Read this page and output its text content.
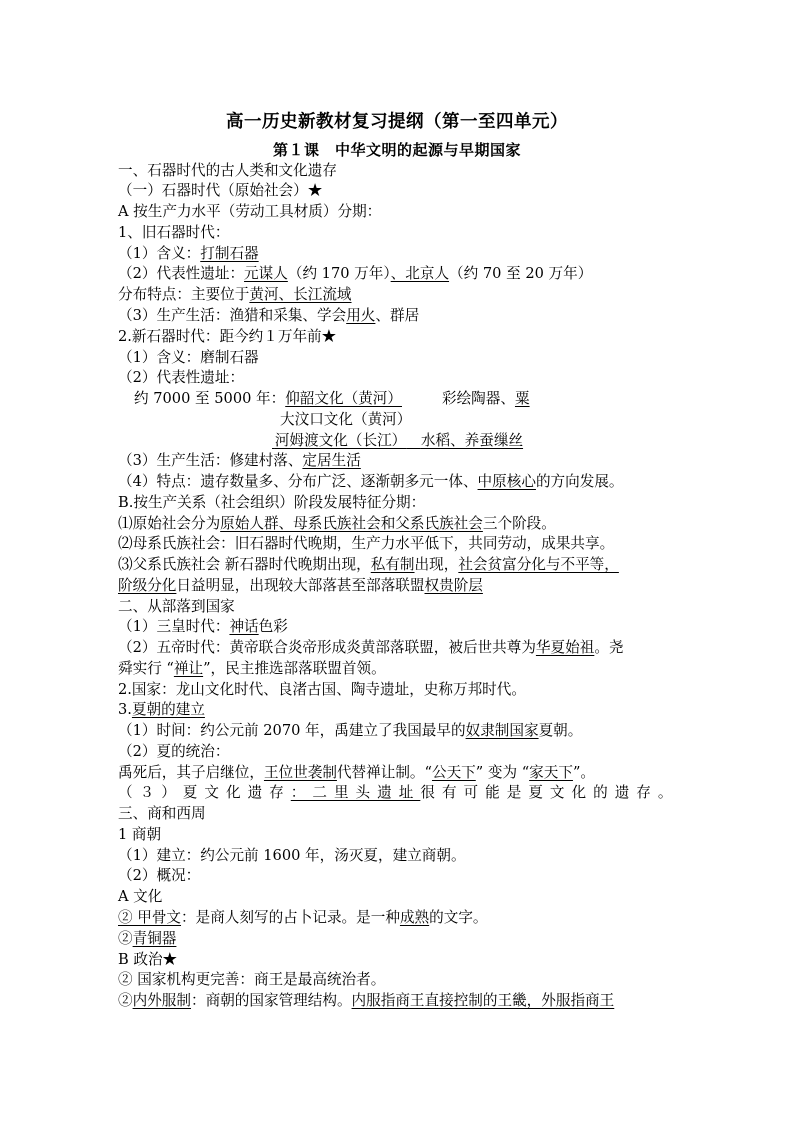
高一历史新教材复习提纲（第一至四单元）
第１课　中华文明的起源与早期国家
一、石器时代的古人类和文化遗存
（一）石器时代（原始社会）★
A 按生产力水平（劳动工具材质）分期：
1、旧石器时代：
（1）含义：打制石器
（2）代表性遗址：元谋人（约 170 万年）、北京人（约 70 至 20 万年）
分布特点：主要位于黄河、长江流域
（3）生产生活：渔猎和采集、学会用火、群居
2.新石器时代：距今约１万年前★
（1）含义：磨制石器
（2）代表性遗址：
约 7000 至 5000 年：仰韶文化（黄河）	彩绘陶器、粟
大汶口文化（黄河）
 河姆渡文化（长江）  水稻、养蚕缫丝
（3）生产生活：修建村落、定居生活
（4）特点：遗存数量多、分布广泛、逐渐朝多元一体、中原核心的方向发展。
B.按生产关系（社会组织）阶段发展特征分期：
⑴原始社会分为原始人群、母系氏族社会和父系氏族社会三个阶段。
⑵母系氏族社会：旧石器时代晚期，生产力水平低下，共同劳动，成果共享。
⑶父系氏族社会 新石器时代晚期出现，私有制出现，社会贫富分化与不平等，
阶级分化日益明显，出现较大部落甚至部落联盟权贵阶层
二、从部落到国家
（1）三皇时代：神话色彩
（2）五帝时代：黄帝联合炎帝形成炎黄部落联盟，被后世共尊为华夏始祖。尧
舜实行 “禅让”，民主推选部落联盟首领。
2.国家：龙山文化时代、良渚古国、陶寺遗址，史称万邦时代。
3.夏朝的建立
（1）时间：约公元前 2070 年，禹建立了我国最早的奴隶制国家夏朝。
（2）夏的统治：
禹死后，其子启继位，王位世袭制代替禅让制。“公天下” 变为 “家天下”。
（３）夏文化遗存：二里头遗址很有可能是夏文化的遗存。
三、商和西周
1 商朝
（1）建立：约公元前 1600 年，汤灭夏，建立商朝。
（2）概况：
A 文化
② 甲骨文：是商人刻写的占卜记录。是一种成熟的文字。
②青铜器
B 政治★
② 国家机构更完善：商王是最高统治者。
②内外服制：商朝的国家管理结构。内服指商王直接控制的王畿，外服指商王
